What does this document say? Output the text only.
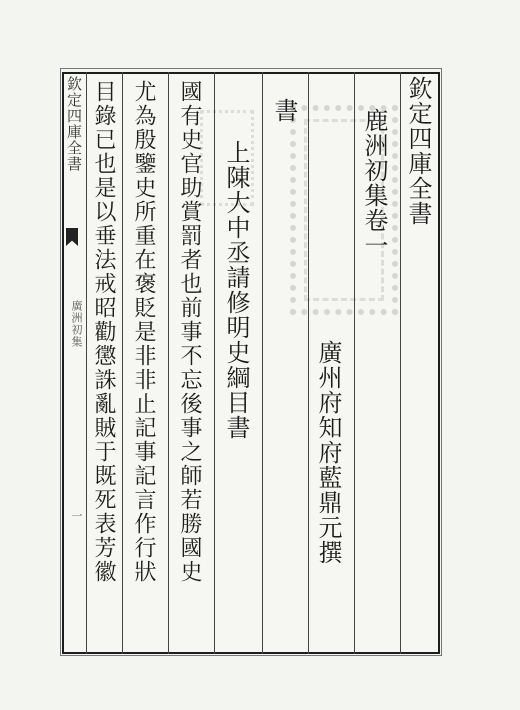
欽定四庫全書
廣洲初集
一
欽定四庫全書
鹿洲初集卷一
廣州府知府藍鼎元撰
書
上陳大中丞請修明史綱目書
國有史官助賞罰者也前事不忘後事之師若勝國史
尤為殷鑒史所重在褒貶是非非止記事記言作行狀
目錄已也是以垂法戒昭勸懲誅亂賊于既死表芳徽
